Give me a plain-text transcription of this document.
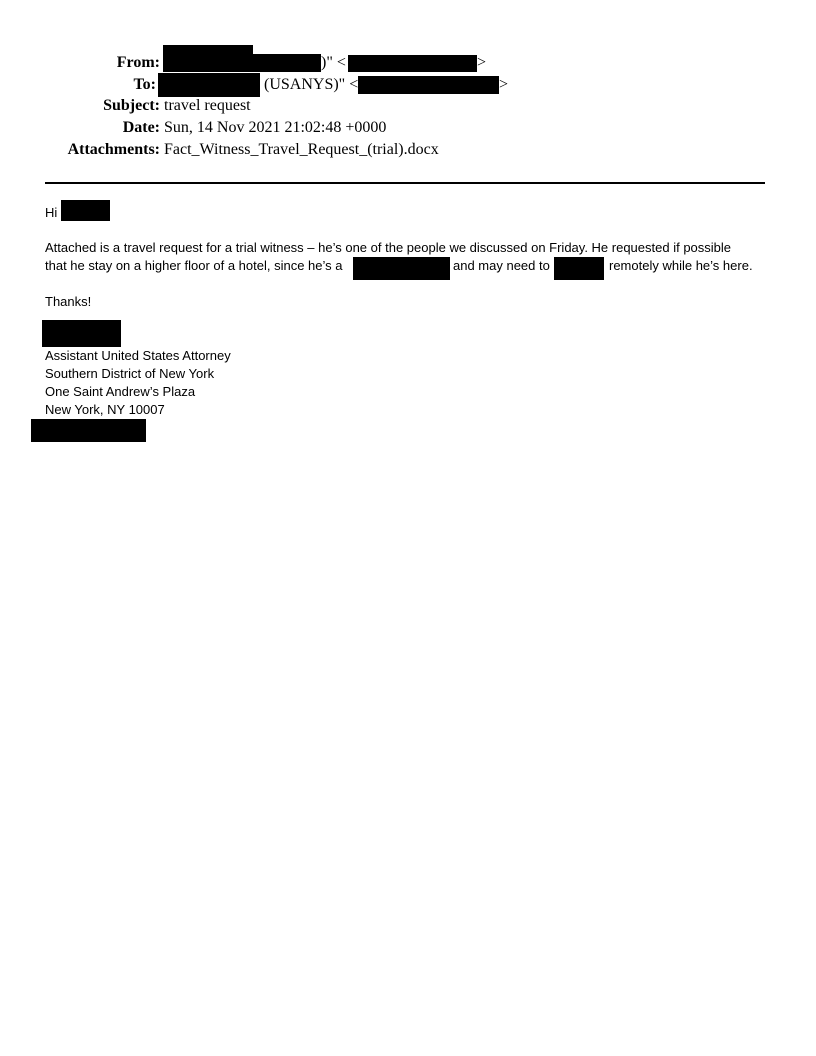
From:	)" <	>
To:	(USANYS)" <	>
Subject: travel request
Date: Sun, 14 Nov 2021 21:02:48 +0000
Attachments: Fact_Witness_Travel_Request_(trial).docx
Hi
Attached is a travel request for a trial witness – he’s one of the people we discussed on Friday. He requested if possible
that he stay on a higher floor of a hotel, since he’s a	and may need to	remotely while he’s here.
Thanks!
Assistant United States Attorney
Southern District of New York
One Saint Andrew’s Plaza
New York, NY 10007
